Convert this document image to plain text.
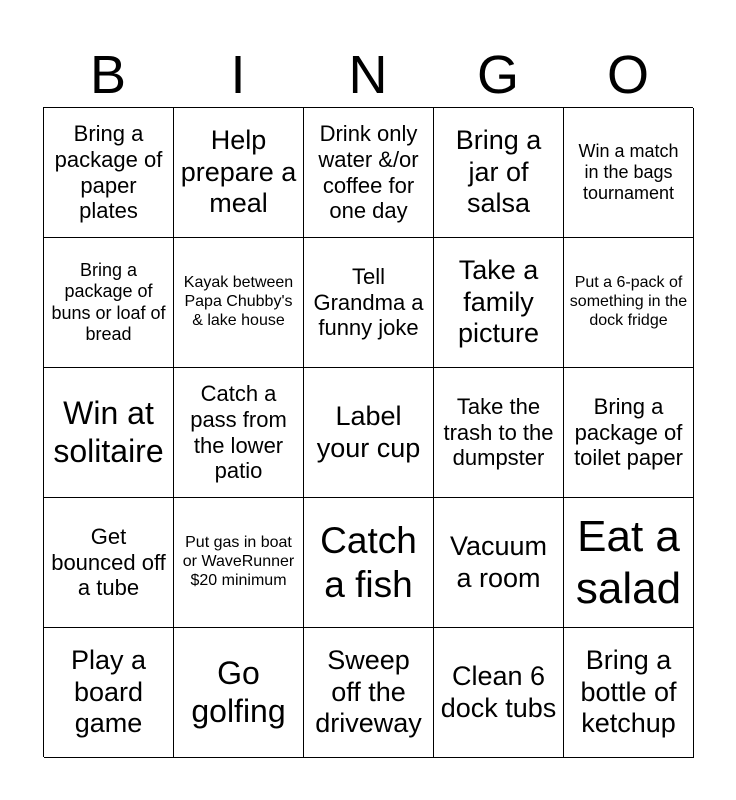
B	I	N	G	O
Bring a package of paper plates
Help prepare a meal
Drink only water &/or coffee for one day
Bring a jar of salsa
Win a match in the bags tournament
Bring a package of buns or loaf of bread
Kayak between Papa Chubby's & lake house
Tell Grandma a funny joke
Take a family picture
Put a 6-pack of something in the dock fridge
Win at solitaire
Catch a pass from the lower patio
Label your cup
Take the trash to the dumpster
Bring a package of toilet paper
Get bounced off a tube
Put gas in boat or WaveRunner $20 minimum
Catch a fish
Vacuum a room
Eat a salad
Play a board game
Go golfing
Sweep off the driveway
Clean 6 dock tubs
Bring a bottle of ketchup
